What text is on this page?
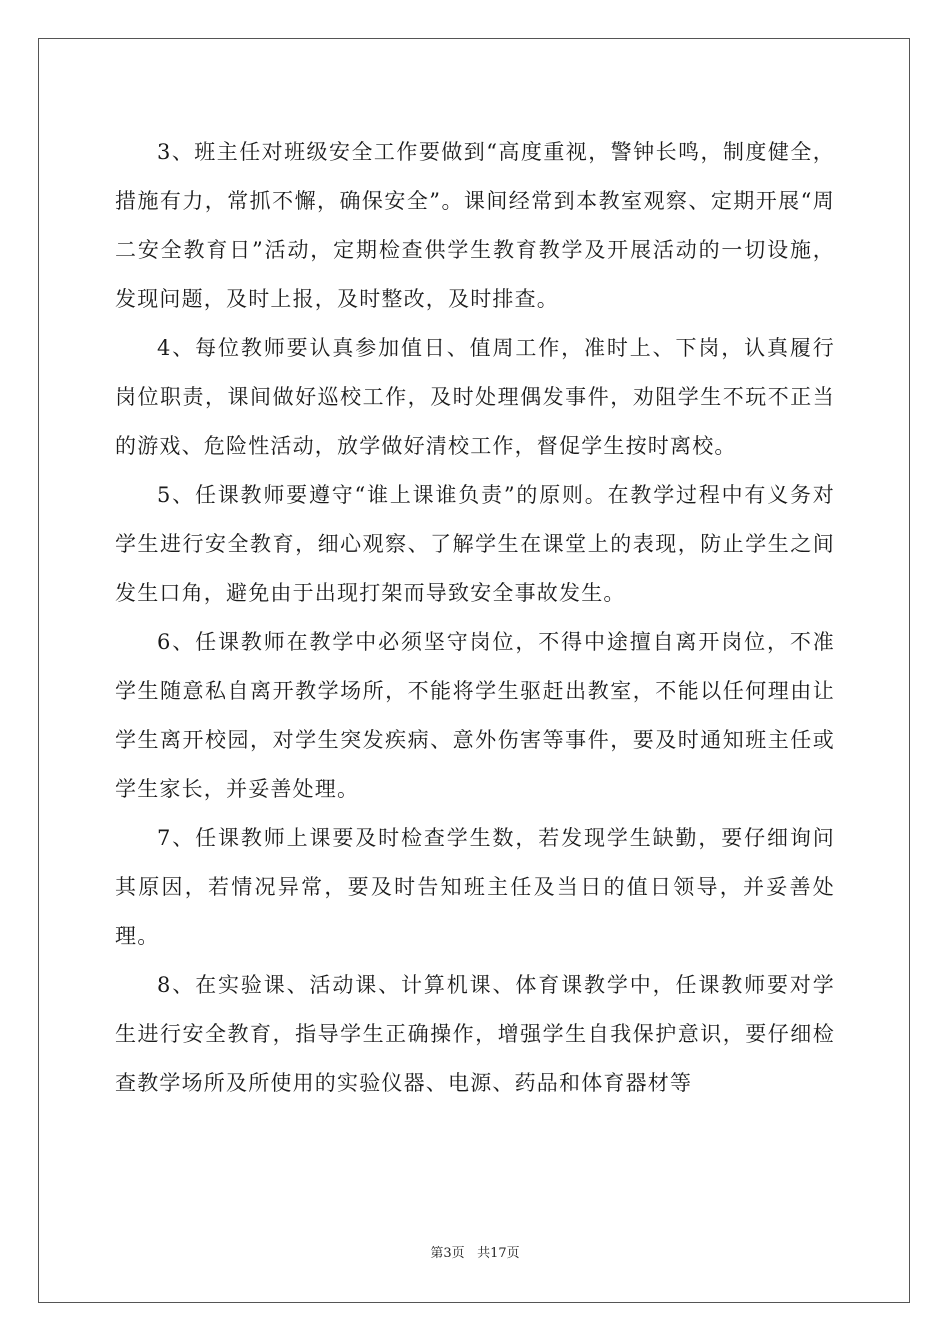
3、班主任对班级安全工作要做到“高度重视，警钟长鸣，制度健全，措施有力，常抓不懈，确保安全”。课间经常到本教室观察、定期开展“周二安全教育日”活动，定期检查供学生教育教学及开展活动的一切设施，发现问题，及时上报，及时整改，及时排查。

4、每位教师要认真参加值日、值周工作，准时上、下岗，认真履行岗位职责，课间做好巡校工作，及时处理偶发事件，劝阻学生不玩不正当的游戏、危险性活动，放学做好清校工作，督促学生按时离校。

5、任课教师要遵守“谁上课谁负责”的原则。在教学过程中有义务对学生进行安全教育，细心观察、了解学生在课堂上的表现，防止学生之间发生口角，避免由于出现打架而导致安全事故发生。

6、任课教师在教学中必须坚守岗位，不得中途擅自离开岗位，不准学生随意私自离开教学场所，不能将学生驱赶出教室，不能以任何理由让学生离开校园，对学生突发疾病、意外伤害等事件，要及时通知班主任或学生家长，并妥善处理。

7、任课教师上课要及时检查学生数，若发现学生缺勤，要仔细询问其原因，若情况异常，要及时告知班主任及当日的值日领导，并妥善处理。

8、在实验课、活动课、计算机课、体育课教学中，任课教师要对学生进行安全教育，指导学生正确操作，增强学生自我保护意识，要仔细检查教学场所及所使用的实验仪器、电源、药品和体育器材等

第3页 共17页
